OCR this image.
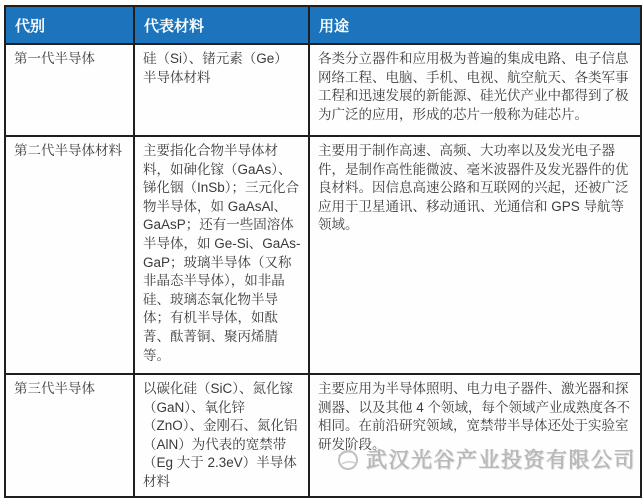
代别	代表材料	用途
第一代半导体	硅（Si）、锗元素（Ge）半导体材料	各类分立器件和应用极为普遍的集成电路、电子信息网络工程、电脑、手机、电视、航空航天、各类军事工程和迅速发展的新能源、硅光伏产业中都得到了极为广泛的应用，形成的芯片一般称为硅芯片。
第二代半导体材料	主要指化合物半导体材料，如砷化镓（GaAs）、锑化铟（InSb）；三元化合物半导体，如 GaAsAl、GaAsP；还有一些固溶体半导体，如 Ge-Si、GaAs-GaP；玻璃半导体（又称非晶态半导体），如非晶硅、玻璃态氧化物半导体；有机半导体，如酞菁、酞菁铜、聚丙烯腈等。	主要用于制作高速、高频、大功率以及发光电子器件，是制作高性能微波、毫米波器件及发光器件的优良材料。因信息高速公路和互联网的兴起，还被广泛应用于卫星通讯、移动通讯、光通信和 GPS 导航等领域。
第三代半导体	以碳化硅（SiC）、氮化镓（GaN）、氧化锌（ZnO）、金刚石、氮化铝（AlN）为代表的宽禁带（Eg 大于 2.3eV）半导体材料	主要应用为半导体照明、电力电子器件、激光器和探测器、以及其他 4 个领域，每个领域产业成熟度各不相同。在前沿研究领域，宽禁带半导体还处于实验室研发阶段。
武汉光谷产业投资有限公司
